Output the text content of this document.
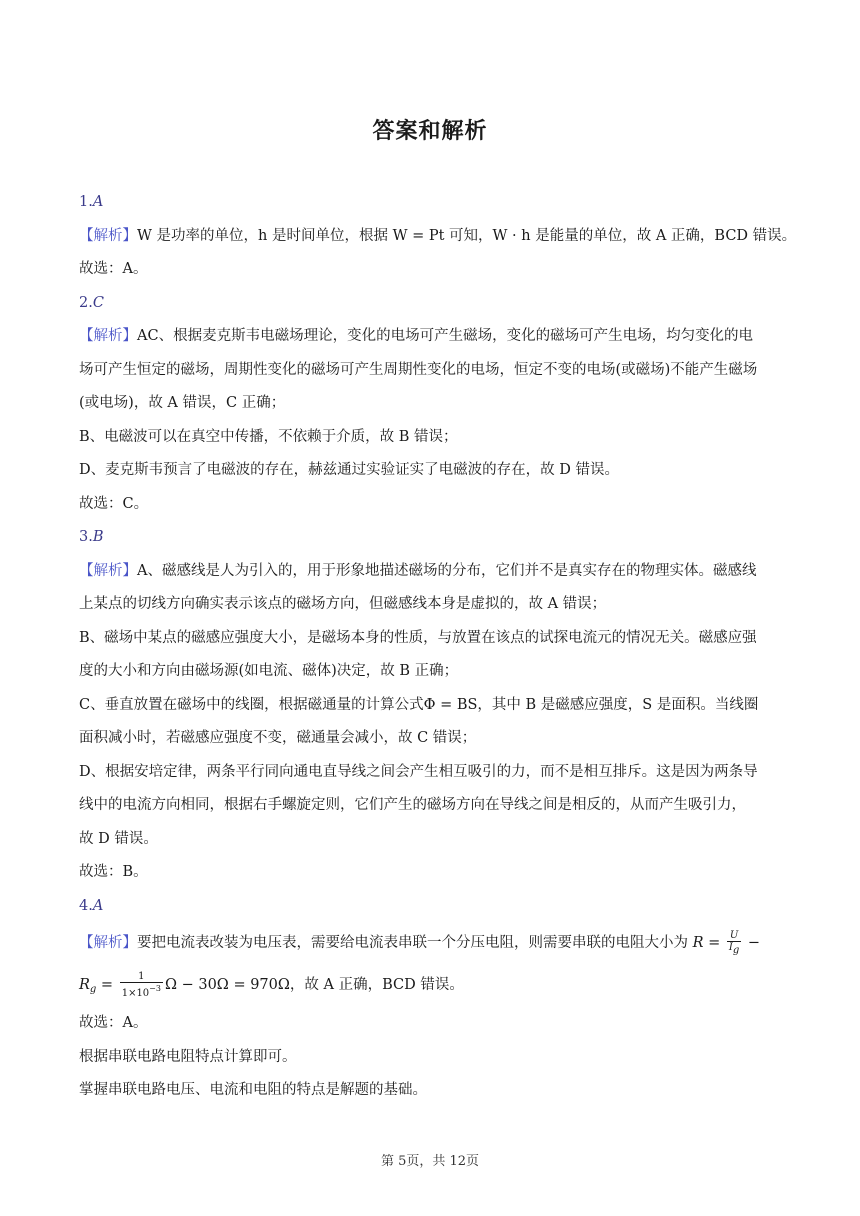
答案和解析
1.A
【解析】W 是功率的单位，h 是时间单位，根据 W = Pt 可知，W · h 是能量的单位，故 A 正确，BCD 错误。
故选：A。
2.C
【解析】AC、根据麦克斯韦电磁场理论，变化的电场可产生磁场，变化的磁场可产生电场，均匀变化的电
场可产生恒定的磁场，周期性变化的磁场可产生周期性变化的电场，恒定不变的电场(或磁场)不能产生磁场
(或电场)，故 A 错误，C 正确；
B、电磁波可以在真空中传播，不依赖于介质，故 B 错误；
D、麦克斯韦预言了电磁波的存在，赫兹通过实验证实了电磁波的存在，故 D 错误。
故选：C。
3.B
【解析】A、磁感线是人为引入的，用于形象地描述磁场的分布，它们并不是真实存在的物理实体。磁感线
上某点的切线方向确实表示该点的磁场方向，但磁感线本身是虚拟的，故 A 错误；
B、磁场中某点的磁感应强度大小，是磁场本身的性质，与放置在该点的试探电流元的情况无关。磁感应强
度的大小和方向由磁场源(如电流、磁体)决定，故 B 正确；
C、垂直放置在磁场中的线圈，根据磁通量的计算公式Φ = BS，其中 B 是磁感应强度，S 是面积。当线圈
面积减小时，若磁感应强度不变，磁通量会减小，故 C 错误；
D、根据安培定律，两条平行同向通电直导线之间会产生相互吸引的力，而不是相互排斥。这是因为两条导
线中的电流方向相同，根据右手螺旋定则，它们产生的磁场方向在导线之间是相反的，从而产生吸引力，
故 D 错误。
故选：B。
4.A
【解析】要把电流表改装为电压表，需要给电流表串联一个分压电阻，则需要串联的电阻大小为 $R = \frac{U}{Ig}$ −
$R_g = \frac{1}{1\times 10^{-3}}$ Ω − 30Ω = 970Ω，故 A 正确，BCD 错误。
故选：A。
根据串联电路电阻特点计算即可。
掌握串联电路电压、电流和电阻的特点是解题的基础。
第 5页，共 12页
